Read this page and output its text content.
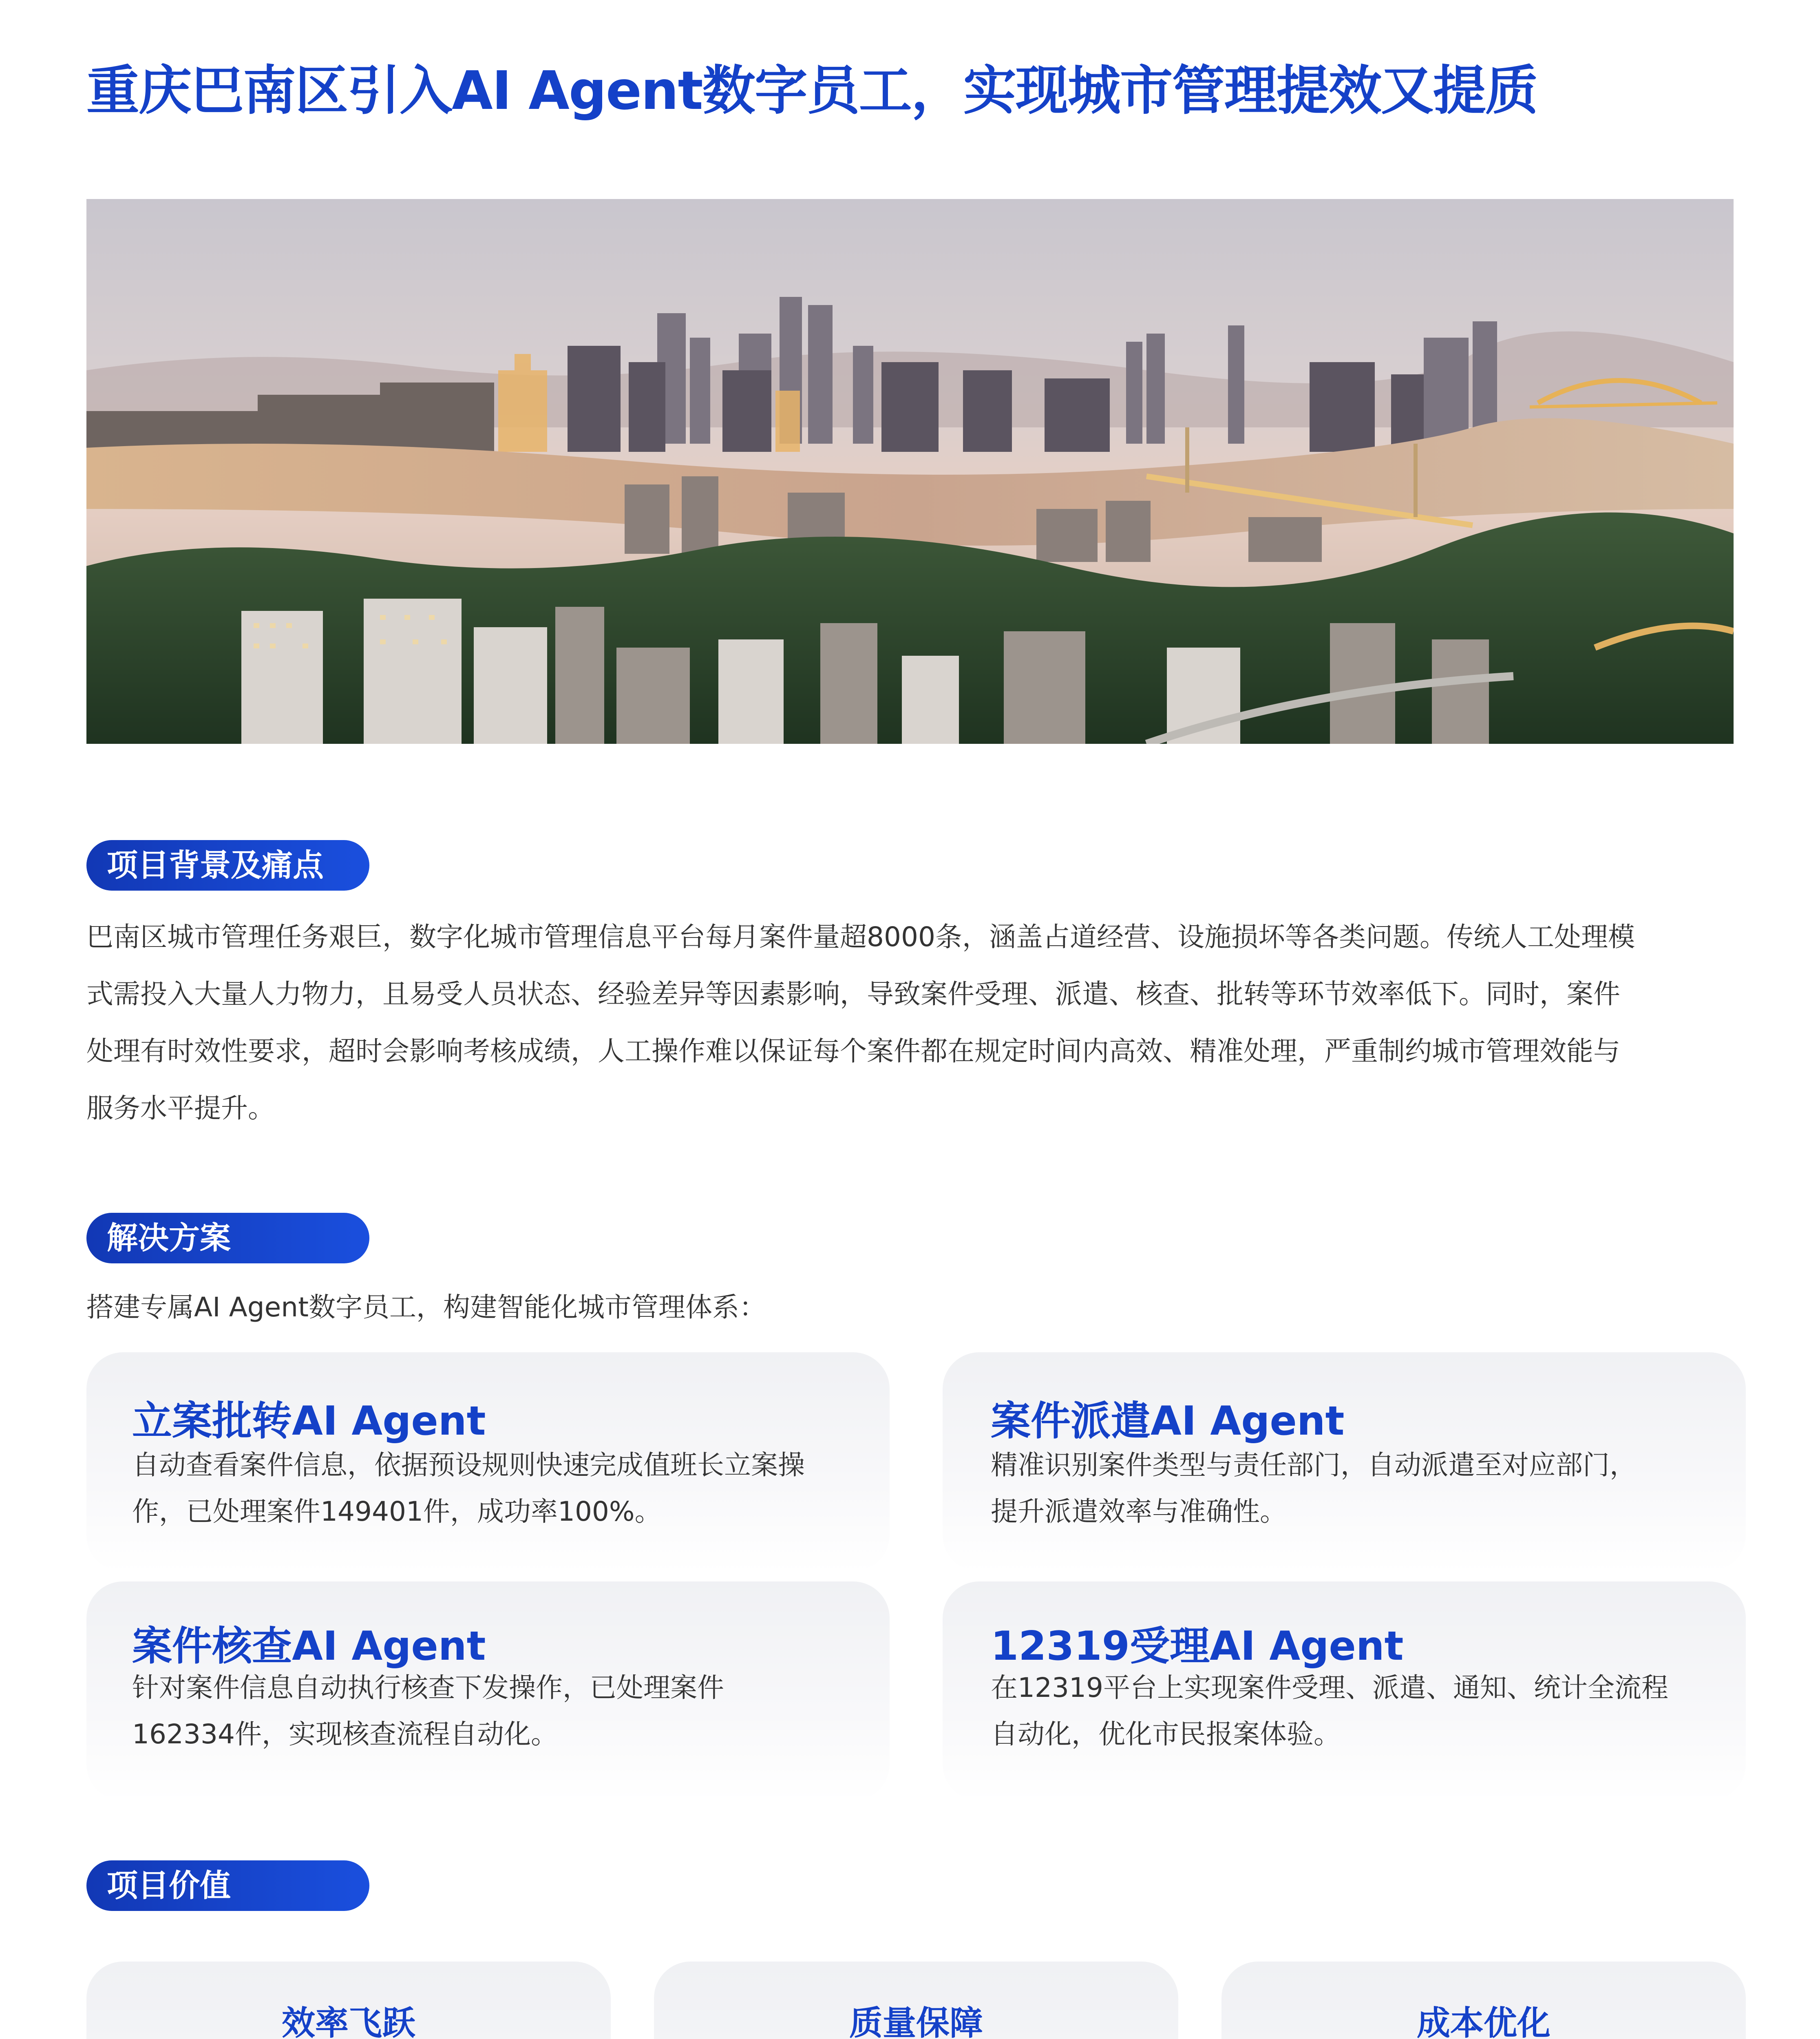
重庆巴南区引入AI Agent数字员工，实现城市管理提效又提质
项目背景及痛点
巴南区城市管理任务艰巨，数字化城市管理信息平台每月案件量超8000条，涵盖占道经营、设施损坏等各类问题。传统人工处理模
式需投入大量人力物力，且易受人员状态、经验差异等因素影响，导致案件受理、派遣、核查、批转等环节效率低下。同时，案件
处理有时效性要求，超时会影响考核成绩，人工操作难以保证每个案件都在规定时间内高效、精准处理，严重制约城市管理效能与
服务水平提升。
解决方案
搭建专属AI Agent数字员工，构建智能化城市管理体系：
立案批转AI Agent
自动查看案件信息，依据预设规则快速完成值班长立案操
作，已处理案件149401件，成功率100%。
案件派遣AI Agent
精准识别案件类型与责任部门，自动派遣至对应部门，
提升派遣效率与准确性。
案件核查AI Agent
针对案件信息自动执行核查下发操作，已处理案件
162334件，实现核查流程自动化。
12319受理AI Agent
在12319平台上实现案件受理、派遣、通知、统计全流程
自动化，优化市民报案体验。
项目价值
效率飞跃	质量保障	成本优化
